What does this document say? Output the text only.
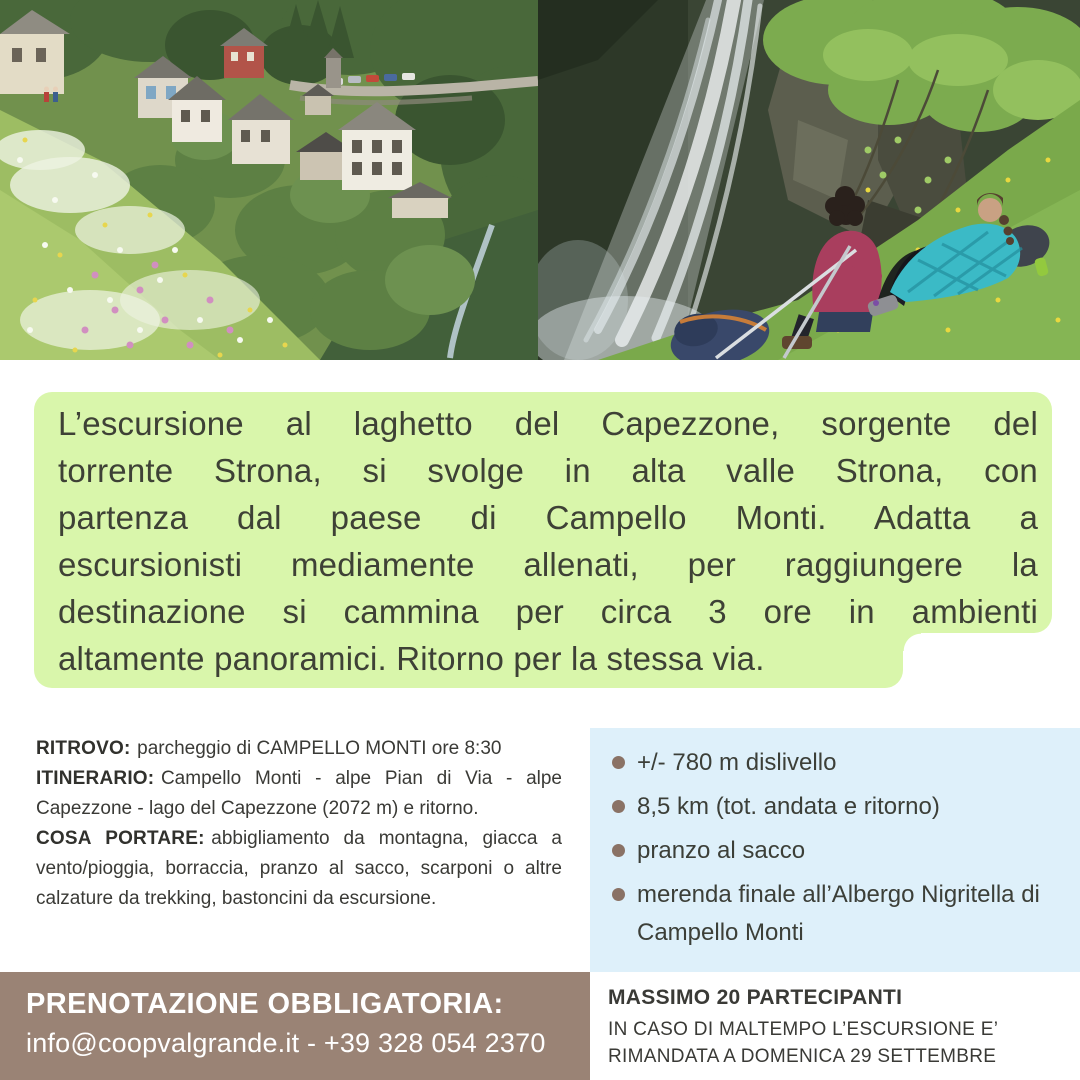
L’escursione al laghetto del Capezzone, sorgente del
torrente Strona, si svolge in alta valle Strona, con
partenza dal paese di Campello Monti. Adatta a
escursionisti mediamente allenati, per raggiungere la
destinazione si cammina per circa 3 ore in ambienti
altamente panoramici. Ritorno per la stessa via.

RITROVO: parcheggio di CAMPELLO MONTI ore 8:30

ITINERARIO: Campello Monti - alpe Pian di Via - alpe Capezzone - lago del Capezzone (2072 m) e ritorno.

COSA PORTARE: abbigliamento da montagna, giacca a vento/pioggia, borraccia, pranzo al sacco, scarponi o altre calzature da trekking, bastoncini da escursione.

+/- 780 m dislivello
8,5 km (tot. andata e ritorno)
pranzo al sacco
merenda finale all’Albergo Nigritella di Campello Monti
PRENOTAZIONE OBBLIGATORIA:
info@coopvalgrande.it - +39 328 054 2370
MASSIMO 20 PARTECIPANTI
IN CASO DI MALTEMPO L’ESCURSIONE E’
RIMANDATA A DOMENICA 29 SETTEMBRE
